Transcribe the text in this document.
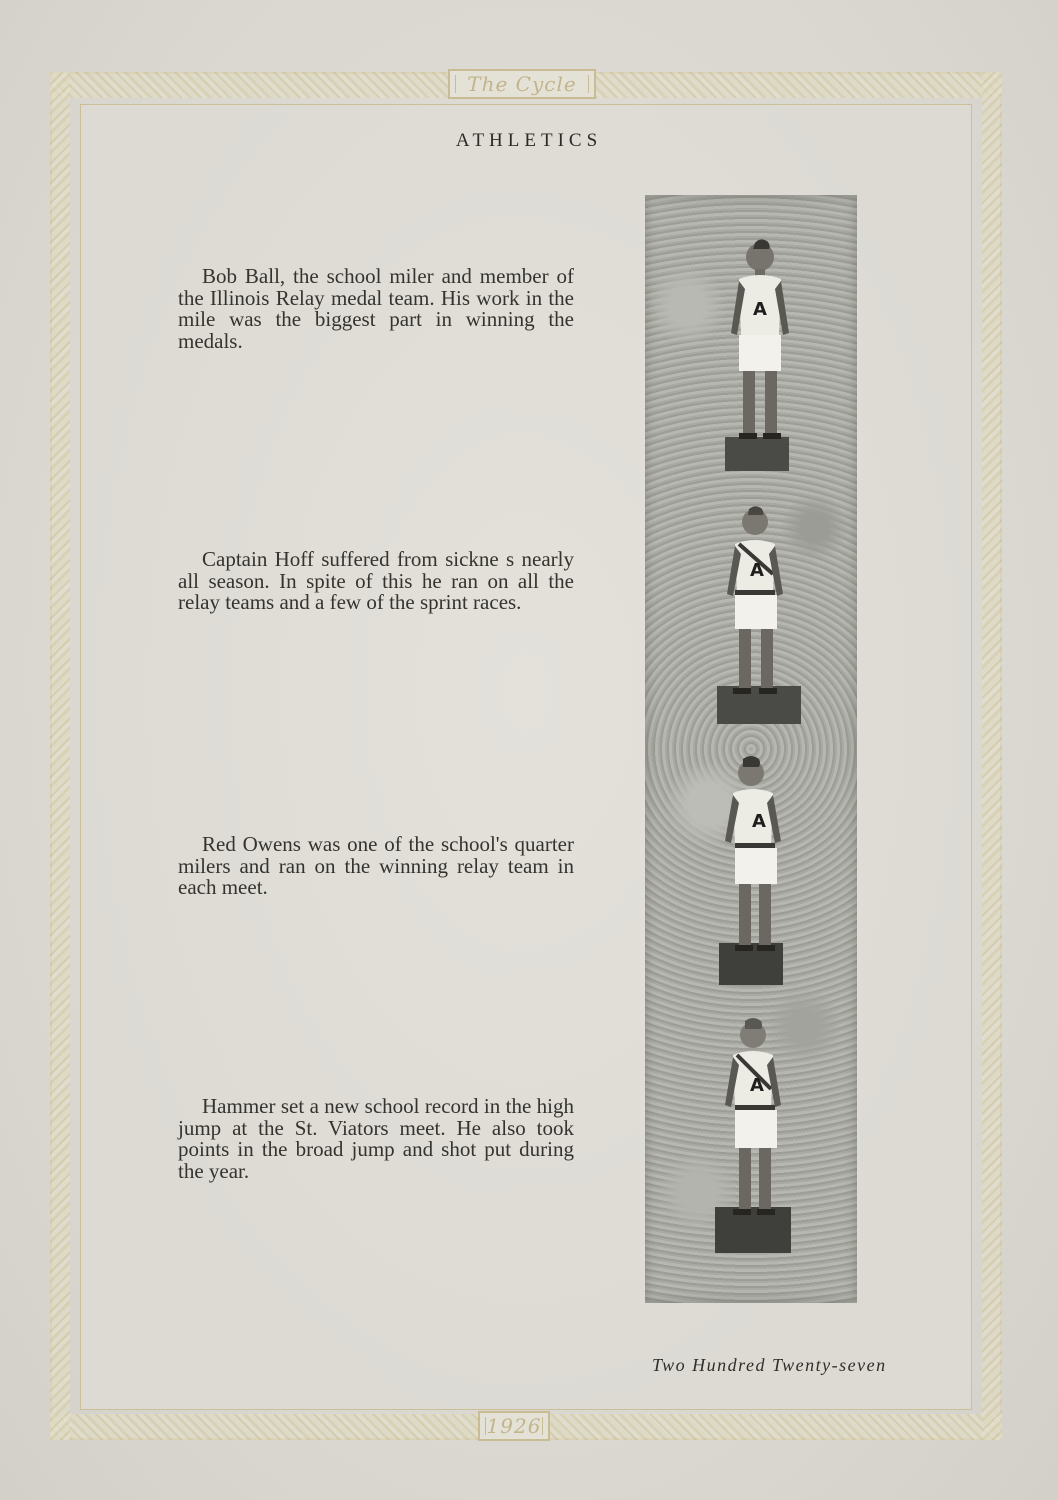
The Cycle
1926
ATHLETICS

Bob Ball, the school miler and member of the Illinois Relay medal team. His work in the mile was the biggest part in winning the medals.

Captain Hoff suffered from sickne s nearly all season. In spite of this he ran on all the relay teams and a few of the sprint races.

Red Owens was one of the school's quarter milers and ran on the winning relay team in each meet.

Hammer set a new school record in the high jump at the St. Viators meet. He also took points in the broad jump and shot put during the year.

A
A
A
A
Two Hundred Twenty-seven
